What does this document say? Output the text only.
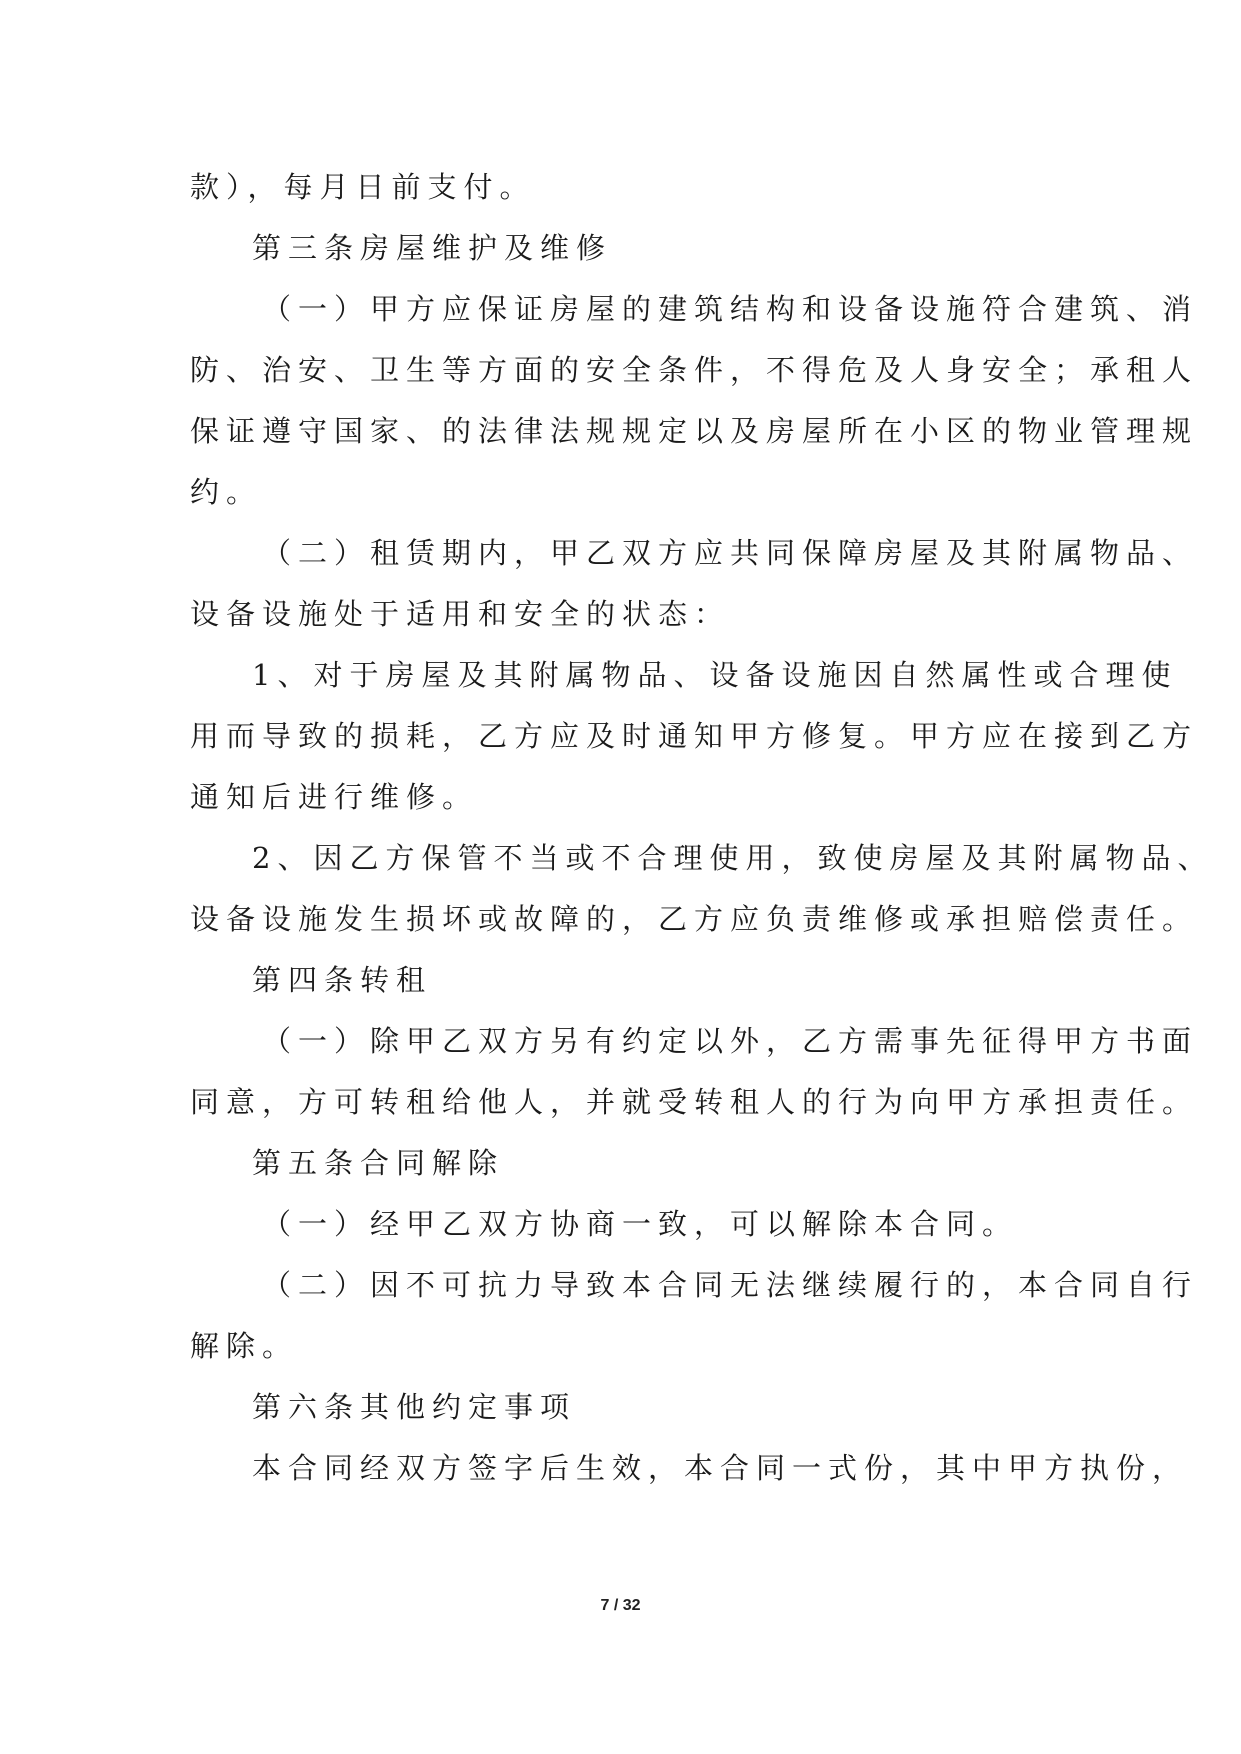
款），每月日前支付。
第三条房屋维护及维修
（一）甲方应保证房屋的建筑结构和设备设施符合建筑、消
防、治安、卫生等方面的安全条件，不得危及人身安全；承租人
保证遵守国家、的法律法规规定以及房屋所在小区的物业管理规
约。
（二）租赁期内，甲乙双方应共同保障房屋及其附属物品、
设备设施处于适用和安全的状态：
1、对于房屋及其附属物品、设备设施因自然属性或合理使
用而导致的损耗，乙方应及时通知甲方修复。甲方应在接到乙方
通知后进行维修。
2、因乙方保管不当或不合理使用，致使房屋及其附属物品、
设备设施发生损坏或故障的，乙方应负责维修或承担赔偿责任。
第四条转租
（一）除甲乙双方另有约定以外，乙方需事先征得甲方书面
同意，方可转租给他人，并就受转租人的行为向甲方承担责任。
第五条合同解除
（一）经甲乙双方协商一致，可以解除本合同。
（二）因不可抗力导致本合同无法继续履行的，本合同自行
解除。
第六条其他约定事项
本合同经双方签字后生效，本合同一式份，其中甲方执份，
7 / 32
